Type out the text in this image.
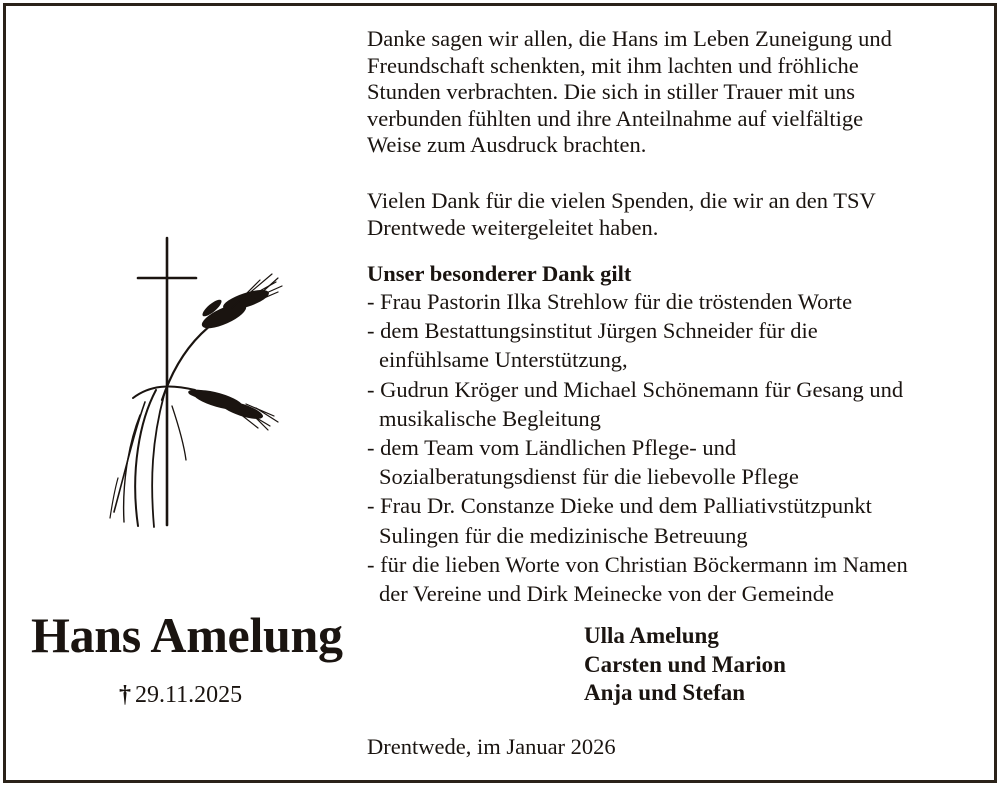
Danke sagen wir allen, die Hans im Leben Zuneigung und
Freundschaft schenkten, mit ihm lachten und fröhliche
Stunden verbrachten. Die sich in stiller Trauer mit uns
verbunden fühlten und ihre Anteilnahme auf vielfältige
Weise zum Ausdruck brachten.
Vielen Dank für die vielen Spenden, die wir an den TSV
Drentwede weitergeleitet haben.
Unser besonderer Dank gilt
- Frau Pastorin Ilka Strehlow für die tröstenden Worte
- dem Bestattungsinstitut Jürgen Schneider für die
einfühlsame Unterstützung,
- Gudrun Kröger und Michael Schönemann für Gesang und
musikalische Begleitung
- dem Team vom Ländlichen Pflege- und
Sozialberatungsdienst für die liebevolle Pflege
- Frau Dr. Constanze Dieke und dem Palliativstützpunkt
Sulingen für die medizinische Betreuung
- für die lieben Worte von Christian Böckermann im Namen
der Vereine und Dirk Meinecke von der Gemeinde
Hans Amelung
† 29.11.2025
Ulla Amelung
Carsten und Marion
Anja und Stefan
Drentwede, im Januar 2026
